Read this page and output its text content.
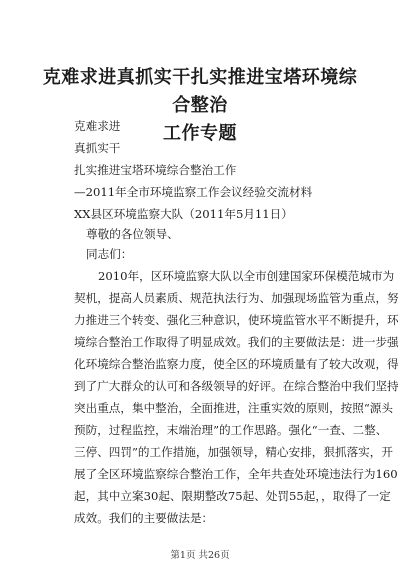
克难求进真抓实干扎实推进宝塔环境综合整治
工作专题
克难求进
真抓实干
扎实推进宝塔环境综合整治工作
—2011年全市环境监察工作会议经验交流材料
XX县区环境监察大队（2011年5月11日）
尊敬的各位领导、
同志们：
2010年，区环境监察大队以全市创建国家环保模范城市为
契机，提高人员素质、规范执法行为、加强现场监管为重点，努
力推进三个转变、强化三种意识，使环境监管水平不断提升，环
境综合整治工作取得了明显成效。我们的主要做法是：进一步强
化环境综合整治监察力度，使全区的环境质量有了较大改观，得
到了广大群众的认可和各级领导的好评。在综合整治中我们坚持
突出重点，集中整治，全面推进，注重实效的原则，按照“源头
预防，过程监控，末端治理”的工作思路。强化“一查、二整、
三停、四罚”的工作措施，加强领导，精心安排，狠抓落实，开
展了全区环境监察综合整治工作，全年共查处环境违法行为160
起，其中立案30起、限期整改75起、处罚55起，，取得了一定
成效。我们的主要做法是：
第1页 共26页
